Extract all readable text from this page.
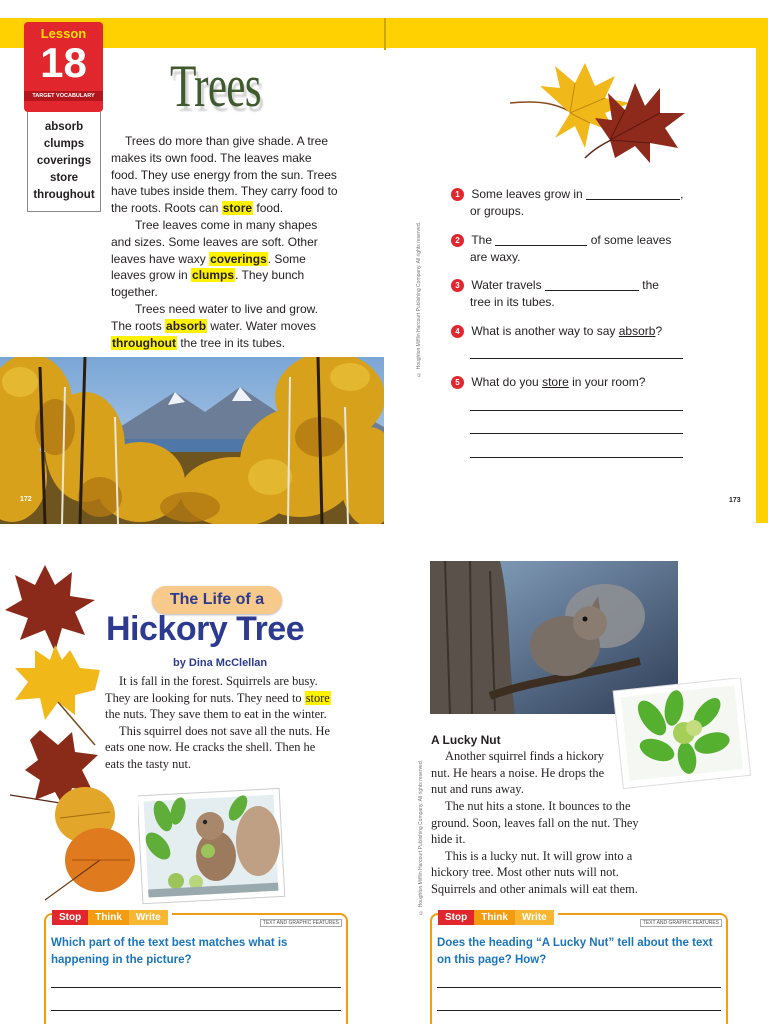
Lesson
18
TARGET VOCABULARY
absorb
clumps
coverings
store
throughout
Trees

Trees do more than give shade. A tree makes its own food. The leaves make food. They use energy from the sun. Trees have tubes inside them. They carry food to the roots. Roots can store food.

Tree leaves come in many shapes and sizes. Some leaves are soft. Other leaves have waxy coverings. Some leaves grow in clumps. They bunch together.

Trees need water to live and grow. The roots absorb water. Water moves throughout the tree in its tubes.

172
© Houghton Mifflin Harcourt Publishing Company. All rights reserved.
1 Some leaves grow in	,
or groups.
2 The	of some leaves
are waxy.
3 Water travels	the
tree in its tubes.
4 What is another way to say absorb?
5 What do you store in your room?
173
The Life of a
Hickory Tree
by Dina McClellan

It is fall in the forest. Squirrels are busy. They are looking for nuts. They need to store the nuts. They save them to eat in the winter.

This squirrel does not save all the nuts. He eats one now. He cracks the shell. Then he eats the tasty nut.

Stop Think Write	TEXT AND GRAPHIC FEATURES
Which part of the text best matches what is happening in the picture?
A Lucky Nut
© Houghton Mifflin Harcourt Publishing Company. All rights reserved.

Another squirrel finds a hickory nut. He hears a noise. He drops the nut and runs away.

The nut hits a stone. It bounces to the ground. Soon, leaves fall on the nut. They hide it.

This is a lucky nut. It will grow into a hickory tree. Most other nuts will not. Squirrels and other animals will eat them.

Stop Think Write	TEXT AND GRAPHIC FEATURES
Does the heading “A Lucky Nut” tell about the text on this page? How?
